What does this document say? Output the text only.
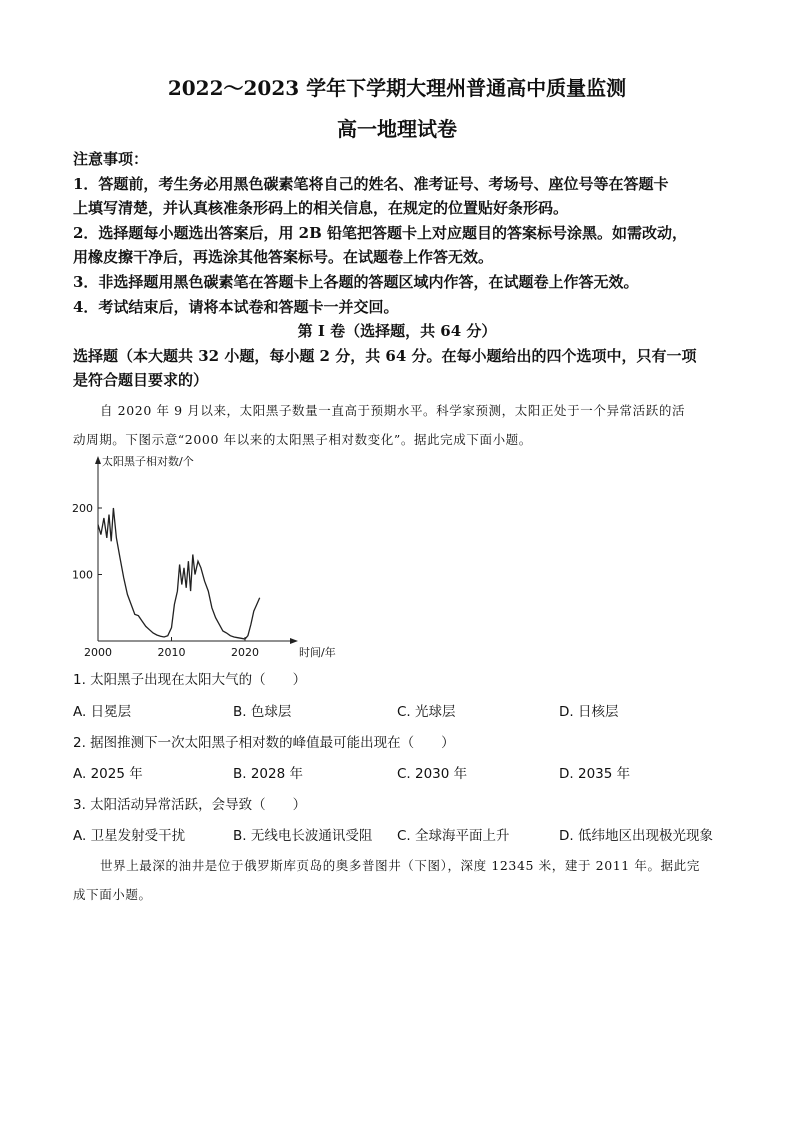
2022～2023 学年下学期大理州普通高中质量监测
高一地理试卷
注意事项：
1．答题前，考生务必用黑色碳素笔将自己的姓名、准考证号、考场号、座位号等在答题卡
上填写清楚，并认真核准条形码上的相关信息，在规定的位置贴好条形码。
2．选择题每小题选出答案后，用 2B 铅笔把答题卡上对应题目的答案标号涂黑。如需改动，
用橡皮擦干净后，再选涂其他答案标号。在试题卷上作答无效。
3．非选择题用黑色碳素笔在答题卡上各题的答题区域内作答，在试题卷上作答无效。
4．考试结束后，请将本试卷和答题卡一并交回。
第 I 卷（选择题，共 64 分）
选择题（本大题共 32 小题，每小题 2 分，共 64 分。在每小题给出的四个选项中，只有一项
是符合题目要求的）
自 2020 年 9 月以来，太阳黑子数量一直高于预期水平。科学家预测，太阳正处于一个异常活跃的活
动周期。下图示意“2000 年以来的太阳黑子相对数变化”。据此完成下面小题。
太阳黑子相对数/个
时间/年
2000	2010	2020
100
200
1. 太阳黑子出现在太阳大气的（　　）
A. 日冕层	B. 色球层	C. 光球层	D. 日核层
2. 据图推测下一次太阳黑子相对数的峰值最可能出现在（　　）
A. 2025 年	B. 2028 年	C. 2030 年	D. 2035 年
3. 太阳活动异常活跃，会导致（　　）
A. 卫星发射受干扰	B. 无线电长波通讯受阻 C. 全球海平面上升	D. 低纬地区出现极光现象
世界上最深的油井是位于俄罗斯库页岛的奥多普图井（下图），深度 12345 米，建于 2011 年。据此完
成下面小题。
